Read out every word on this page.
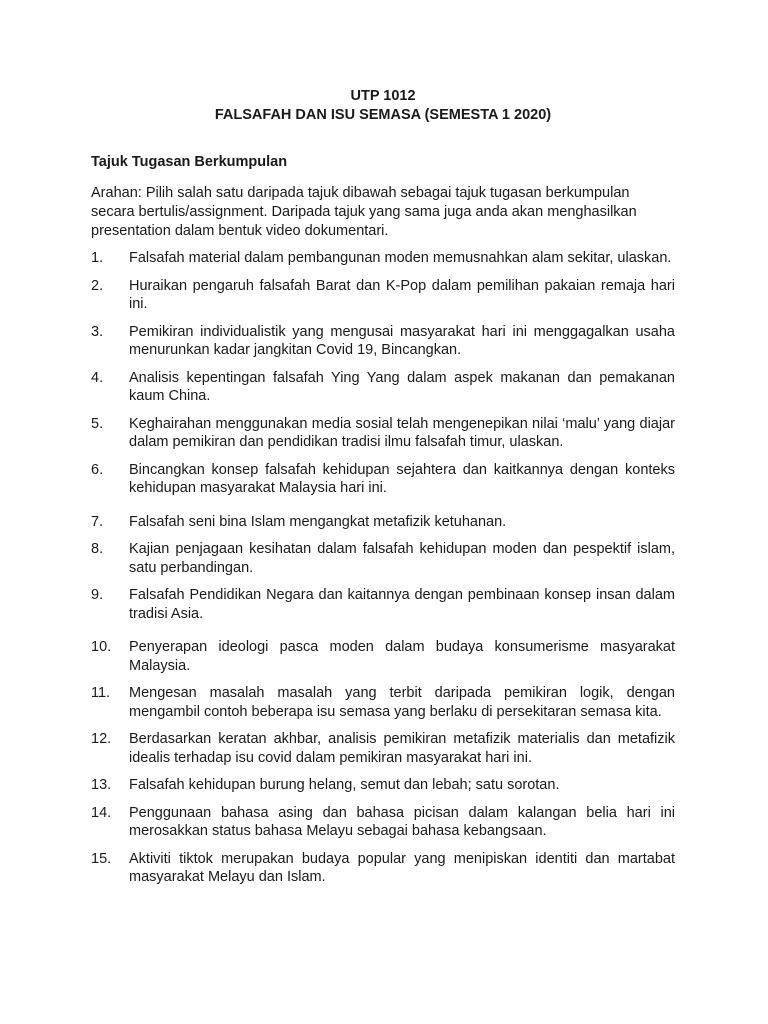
UTP 1012

FALSAFAH DAN ISU SEMASA (SEMESTA 1 2020)

Tajuk Tugasan Berkumpulan

Arahan: Pilih salah satu daripada tajuk dibawah sebagai tajuk tugasan berkumpulan secara bertulis/assignment. Daripada tajuk yang sama juga anda akan menghasilkan presentation dalam bentuk video dokumentari.

1.	Falsafah material dalam pembangunan moden memusnahkan alam sekitar, ulaskan.
2.	Huraikan pengaruh falsafah Barat dan K-Pop dalam pemilihan pakaian remaja hari ini.
3.	Pemikiran individualistik yang mengusai masyarakat hari ini menggagalkan usaha menurunkan kadar jangkitan Covid 19, Bincangkan.
4.	Analisis kepentingan falsafah Ying Yang dalam aspek makanan dan pemakanan kaum China.
5.	Keghairahan menggunakan media sosial telah mengenepikan nilai ‘malu’ yang diajar dalam pemikiran dan pendidikan tradisi ilmu falsafah timur, ulaskan.
6.	Bincangkan konsep falsafah kehidupan sejahtera dan kaitkannya dengan konteks kehidupan masyarakat Malaysia hari ini.
7.	Falsafah seni bina Islam mengangkat metafizik ketuhanan.
8.	Kajian penjagaan kesihatan dalam falsafah kehidupan moden dan pespektif islam, satu perbandingan.
9.	Falsafah Pendidikan Negara dan kaitannya dengan pembinaan konsep insan dalam tradisi Asia.
10.	Penyerapan ideologi pasca moden dalam budaya konsumerisme masyarakat Malaysia.
11.	Mengesan masalah masalah yang terbit daripada pemikiran logik, dengan mengambil contoh beberapa isu semasa yang berlaku di persekitaran semasa kita.
12.	Berdasarkan keratan akhbar, analisis pemikiran metafizik materialis dan metafizik idealis terhadap isu covid dalam pemikiran masyarakat hari ini.
13.	Falsafah kehidupan burung helang, semut dan lebah; satu sorotan.
14.	Penggunaan bahasa asing dan bahasa picisan dalam kalangan belia hari ini merosakkan status bahasa Melayu sebagai bahasa kebangsaan.
15.	Aktiviti tiktok merupakan budaya popular yang menipiskan identiti dan martabat masyarakat Melayu dan Islam.
